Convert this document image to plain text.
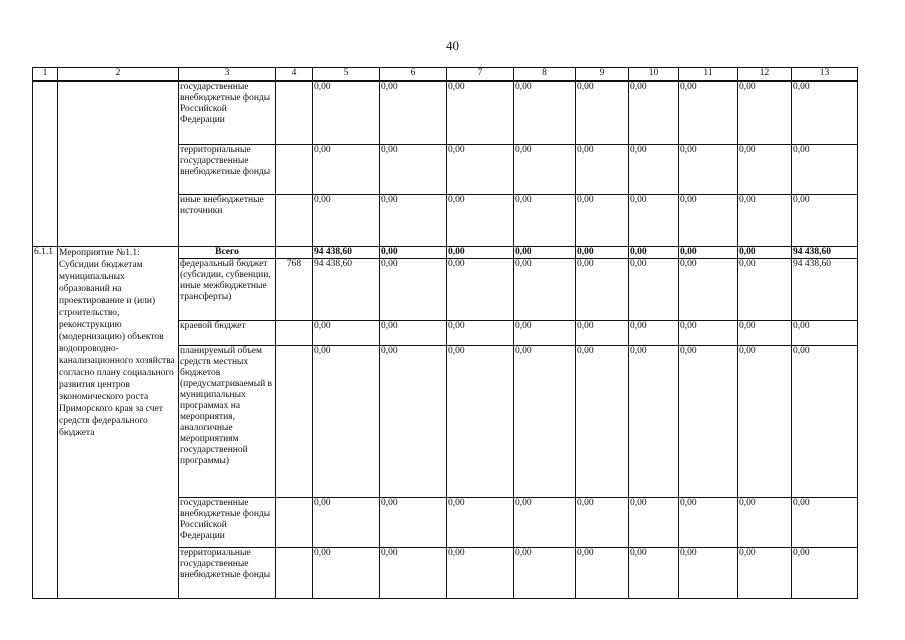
40
1	2	3	4	5	6	7	8	9	10	11	12	13
		государственные внебюджетные фонды Российской Федерации		0,00	0,00	0,00	0,00	0,00	0,00	0,00	0,00	0,00
		территориальные государственные внебюджетные фонды		0,00	0,00	0,00	0,00	0,00	0,00	0,00	0,00	0,00
		иные внебюджетные источники		0,00	0,00	0,00	0,00	0,00	0,00	0,00	0,00	0,00
6.1.1	Мероприятие №1.1: Субсидии бюджетам муниципальных образований на проектирование и (или) строительство, реконструкцию (модернизацию) объектов водопроводно-канализационного хозяйства согласно плану социального развития центров экономического роста Приморского края за счет средств федерального бюджета	Всего		94 438,60	0,00	0,00	0,00	0,00	0,00	0,00	0,00	94 438,60
		федеральный бюджет (субсидии, субвенции, иные межбюджетные трансферты)	768	94 438,60	0,00	0,00	0,00	0,00	0,00	0,00	0,00	94 438,60
		краевой бюджет		0,00	0,00	0,00	0,00	0,00	0,00	0,00	0,00	0,00
		планируемый объем средств местных бюджетов (предусматриваемый в муниципальных программах на мероприятия, аналогичные мероприятиям государственной программы)		0,00	0,00	0,00	0,00	0,00	0,00	0,00	0,00	0,00
		государственные внебюджетные фонды Российской Федерации		0,00	0,00	0,00	0,00	0,00	0,00	0,00	0,00	0,00
		территориальные государственные внебюджетные фонды		0,00	0,00	0,00	0,00	0,00	0,00	0,00	0,00	0,00
